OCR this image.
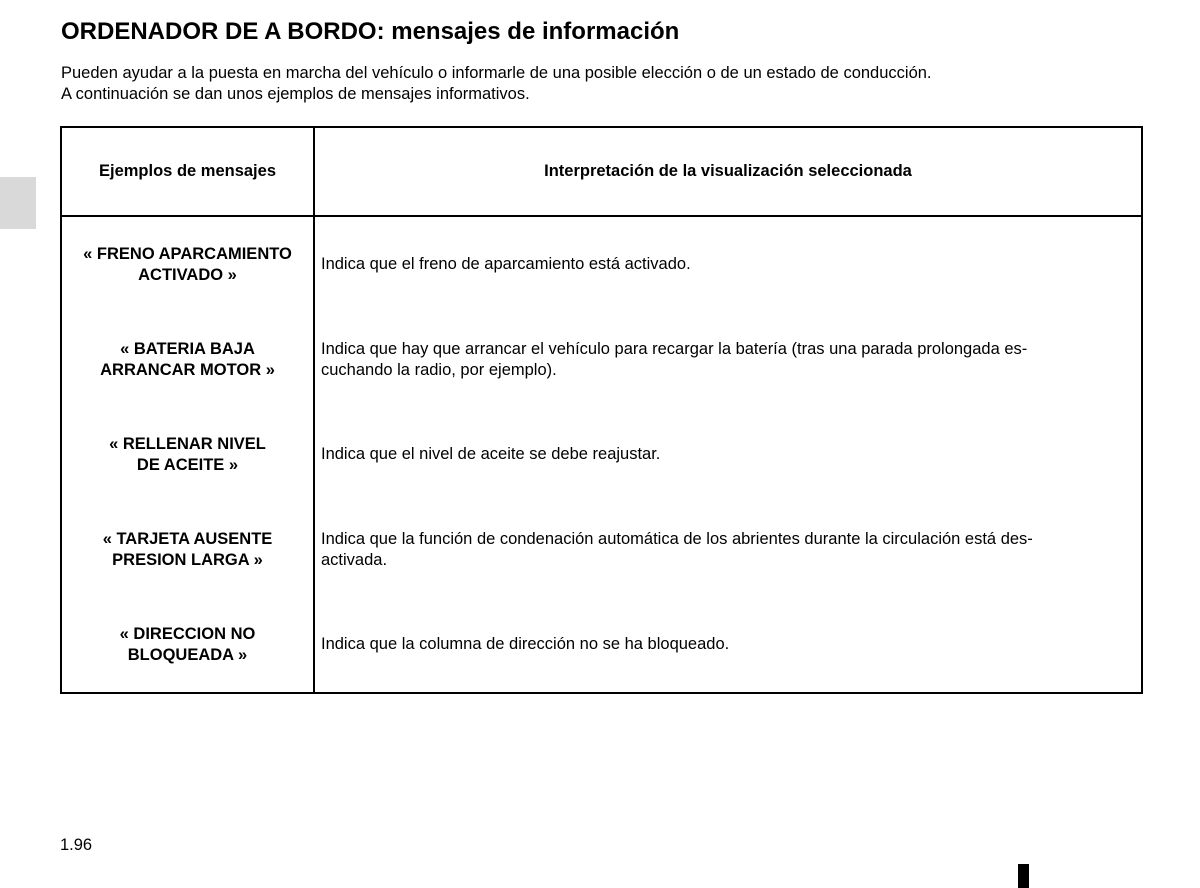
ORDENADOR DE A BORDO: mensajes de información

Pueden ayudar a la puesta en marcha del vehículo o informarle de una posible elección o de un estado de conducción.

A continuación se dan unos ejemplos de mensajes informativos.

Ejemplos de mensajes	Interpretación de la visualización seleccionada
« FRENO APARCAMIENTO
ACTIVADO »	Indica que el freno de aparcamiento está activado.
« BATERIA BAJA
ARRANCAR MOTOR »	Indica que hay que arrancar el vehículo para recargar la batería (tras una parada prolongada es-
cuchando la radio, por ejemplo).
« RELLENAR NIVEL
DE ACEITE »	Indica que el nivel de aceite se debe reajustar.
« TARJETA AUSENTE
PRESION LARGA »	Indica que la función de condenación automática de los abrientes durante la circulación está des-
activada.
« DIRECCION NO
BLOQUEADA »	Indica que la columna de dirección no se ha bloqueado.
1.96
